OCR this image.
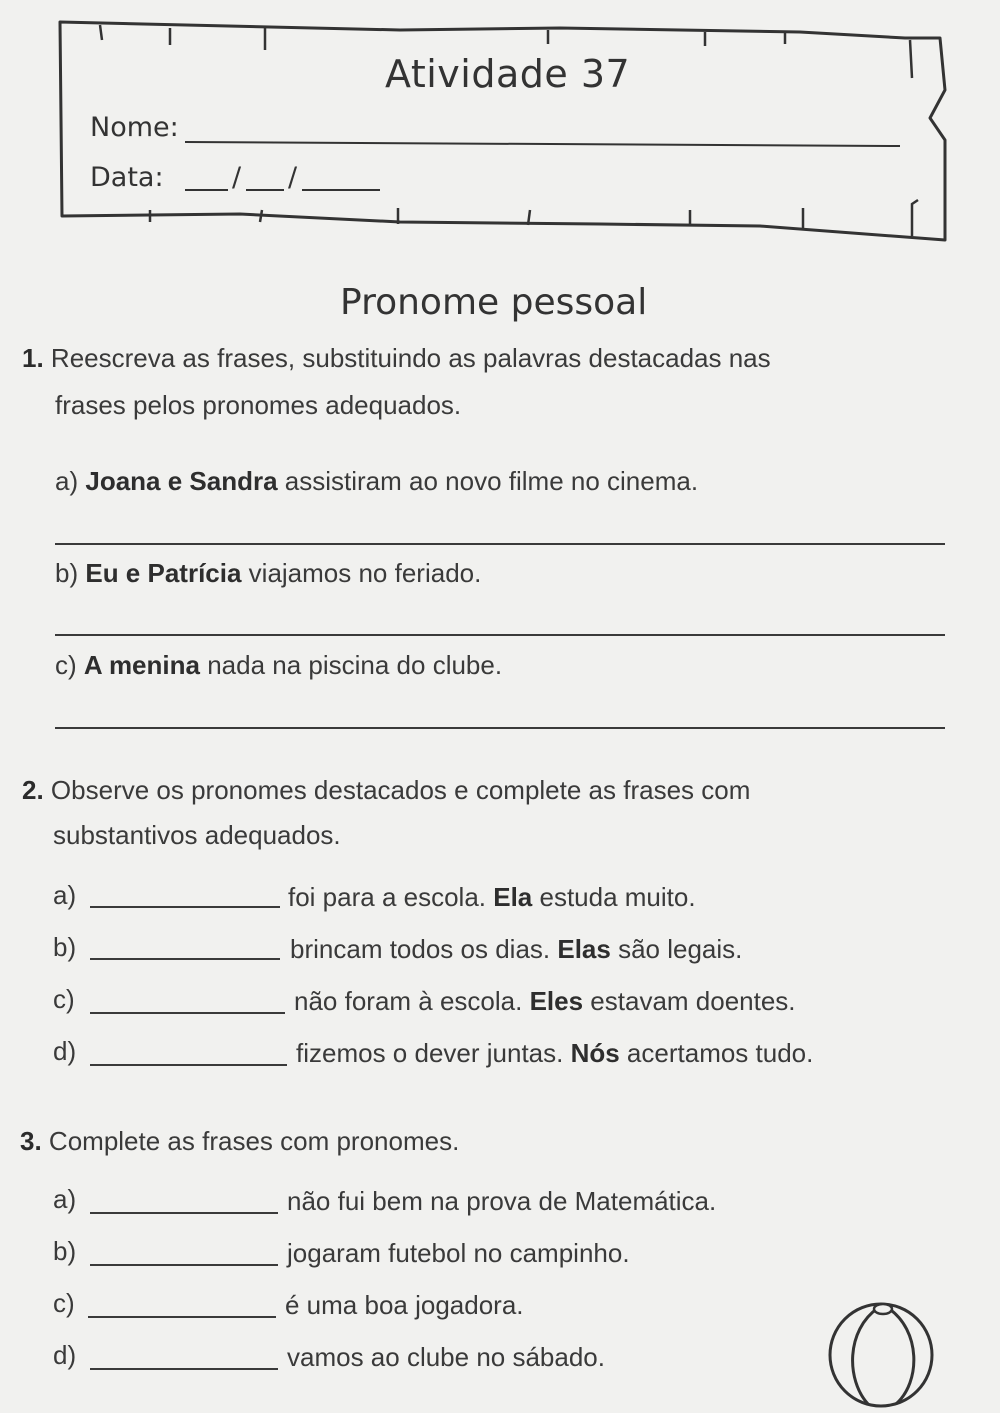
Atividade 37
Nome:
Data:	/ /
Pronome pessoal
1. Reescreva as frases, substituindo as palavras destacadas nas
frases pelos pronomes adequados.
a) Joana e Sandra assistiram ao novo filme no cinema.
b) Eu e Patrícia viajamos no feriado.
c) A menina nada na piscina do clube.
2. Observe os pronomes destacados e complete as frases com
substantivos adequados.
a)	foi para a escola. Ela estuda muito.
b)	brincam todos os dias. Elas são legais.
c)	não foram à escola. Eles estavam doentes.
d)	fizemos o dever juntas. Nós acertamos tudo.
3. Complete as frases com pronomes.
a)	não fui bem na prova de Matemática.
b)	jogaram futebol no campinho.
c)	é uma boa jogadora.
d)	vamos ao clube no sábado.
